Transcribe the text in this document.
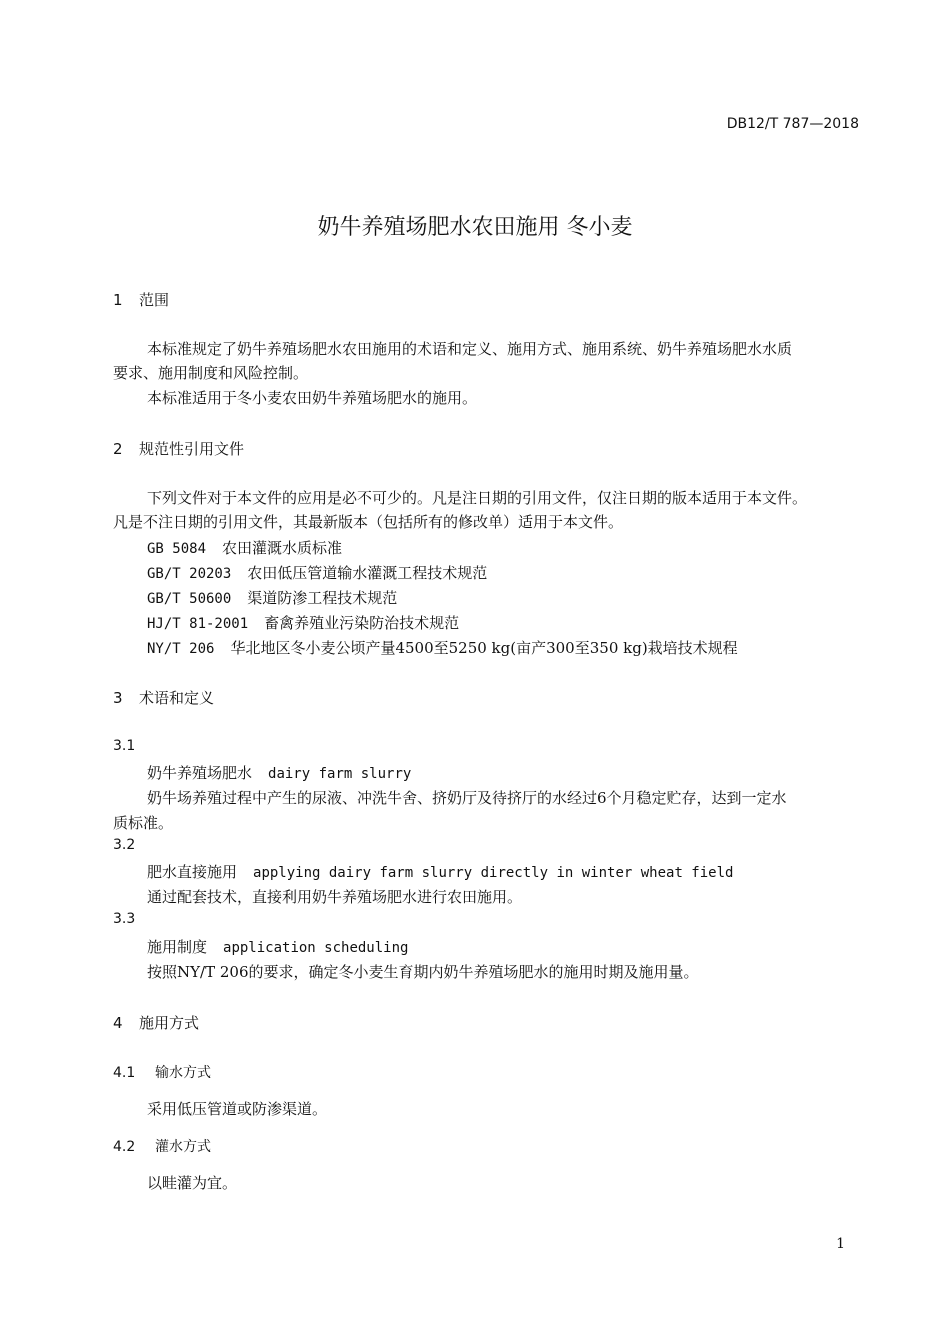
DB12/T 787—2018
奶牛养殖场肥水农田施用 冬小麦
1 范围
本标准规定了奶牛养殖场肥水农田施用的术语和定义、施用方式、施用系统、奶牛养殖场肥水水质
要求、施用制度和风险控制。
本标准适用于冬小麦农田奶牛养殖场肥水的施用。
2 规范性引用文件
下列文件对于本文件的应用是必不可少的。凡是注日期的引用文件，仅注日期的版本适用于本文件。
凡是不注日期的引用文件，其最新版本（包括所有的修改单）适用于本文件。
GB 5084 农田灌溉水质标准
GB/T 20203 农田低压管道输水灌溉工程技术规范
GB/T 50600 渠道防渗工程技术规范
HJ/T 81-2001 畜禽养殖业污染防治技术规范
NY/T 206 华北地区冬小麦公顷产量4500至5250 kg(亩产300至350 kg)栽培技术规程
3 术语和定义
3.1
奶牛养殖场肥水 dairy farm slurry
奶牛场养殖过程中产生的尿液、冲洗牛舍、挤奶厅及待挤厅的水经过6个月稳定贮存，达到一定水
质标准。
3.2
肥水直接施用 applying dairy farm slurry directly in winter wheat field
通过配套技术，直接利用奶牛养殖场肥水进行农田施用。
3.3
施用制度 application scheduling
按照NY/T 206的要求，确定冬小麦生育期内奶牛养殖场肥水的施用时期及施用量。
4 施用方式
4.1 输水方式
采用低压管道或防渗渠道。
4.2 灌水方式
以畦灌为宜。
1
